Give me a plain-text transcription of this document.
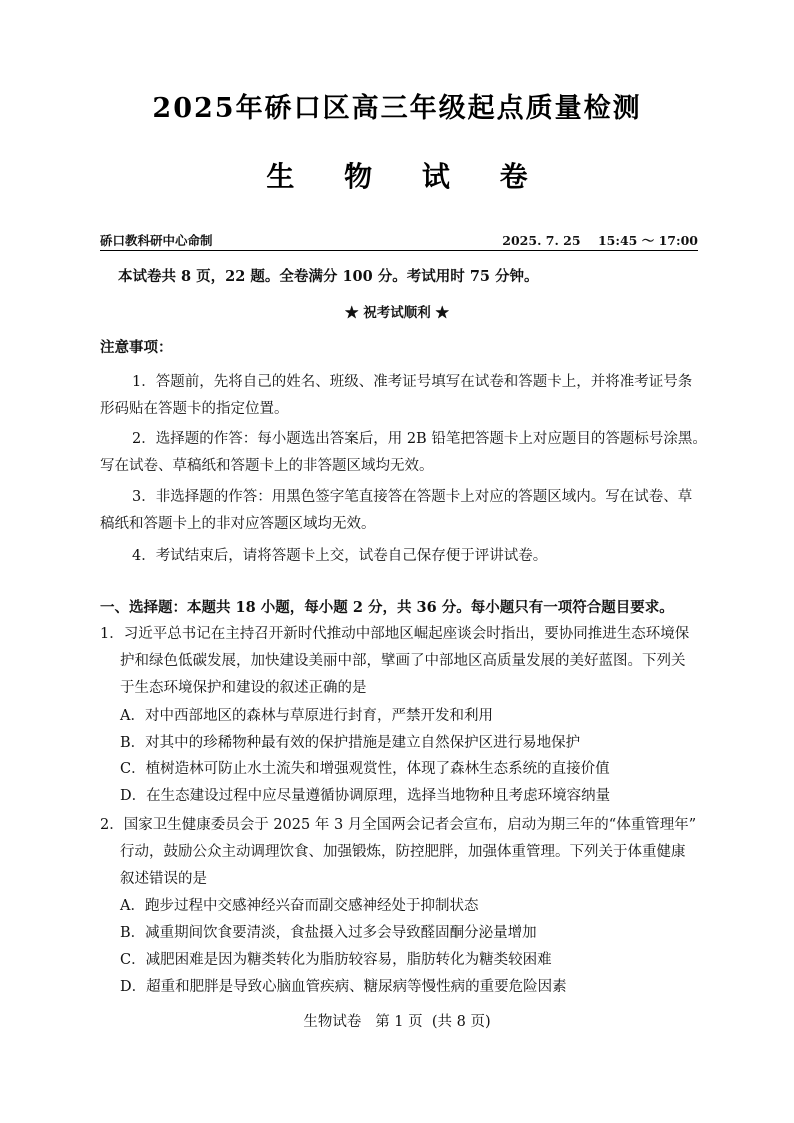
2025年硚口区高三年级起点质量检测
生 物 试 卷
硚口教科研中心命制	2025. 7. 25    15:45 ～ 17:00
本试卷共 8 页，22 题。全卷满分 100 分。考试用时 75 分钟。
★ 祝考试顺利 ★
注意事项：
1．答题前，先将自己的姓名、班级、准考证号填写在试卷和答题卡上，并将准考证号条
形码贴在答题卡的指定位置。
2．选择题的作答：每小题选出答案后，用 2B 铅笔把答题卡上对应题目的答题标号涂黑。
写在试卷、草稿纸和答题卡上的非答题区域均无效。
3．非选择题的作答：用黑色签字笔直接答在答题卡上对应的答题区域内。写在试卷、草
稿纸和答题卡上的非对应答题区域均无效。
4．考试结束后，请将答题卡上交，试卷自己保存便于评讲试卷。
一、选择题：本题共 18 小题，每小题 2 分，共 36 分。每小题只有一项符合题目要求。
1．习近平总书记在主持召开新时代推动中部地区崛起座谈会时指出，要协同推进生态环境保
护和绿色低碳发展，加快建设美丽中部，擘画了中部地区高质量发展的美好蓝图。下列关
于生态环境保护和建设的叙述正确的是
A．对中西部地区的森林与草原进行封育，严禁开发和利用
B．对其中的珍稀物种最有效的保护措施是建立自然保护区进行易地保护
C．植树造林可防止水土流失和增强观赏性，体现了森林生态系统的直接价值
D．在生态建设过程中应尽量遵循协调原理，选择当地物种且考虑环境容纳量
2．国家卫生健康委员会于 2025 年 3 月全国两会记者会宣布，启动为期三年的“体重管理年”
行动，鼓励公众主动调理饮食、加强锻炼，防控肥胖，加强体重管理。下列关于体重健康
叙述错误的是
A．跑步过程中交感神经兴奋而副交感神经处于抑制状态
B．减重期间饮食要清淡，食盐摄入过多会导致醛固酮分泌量增加
C．减肥困难是因为糖类转化为脂肪较容易，脂肪转化为糖类较困难
D．超重和肥胖是导致心脑血管疾病、糖尿病等慢性病的重要危险因素
生物试卷   第 1 页  (共 8 页)
